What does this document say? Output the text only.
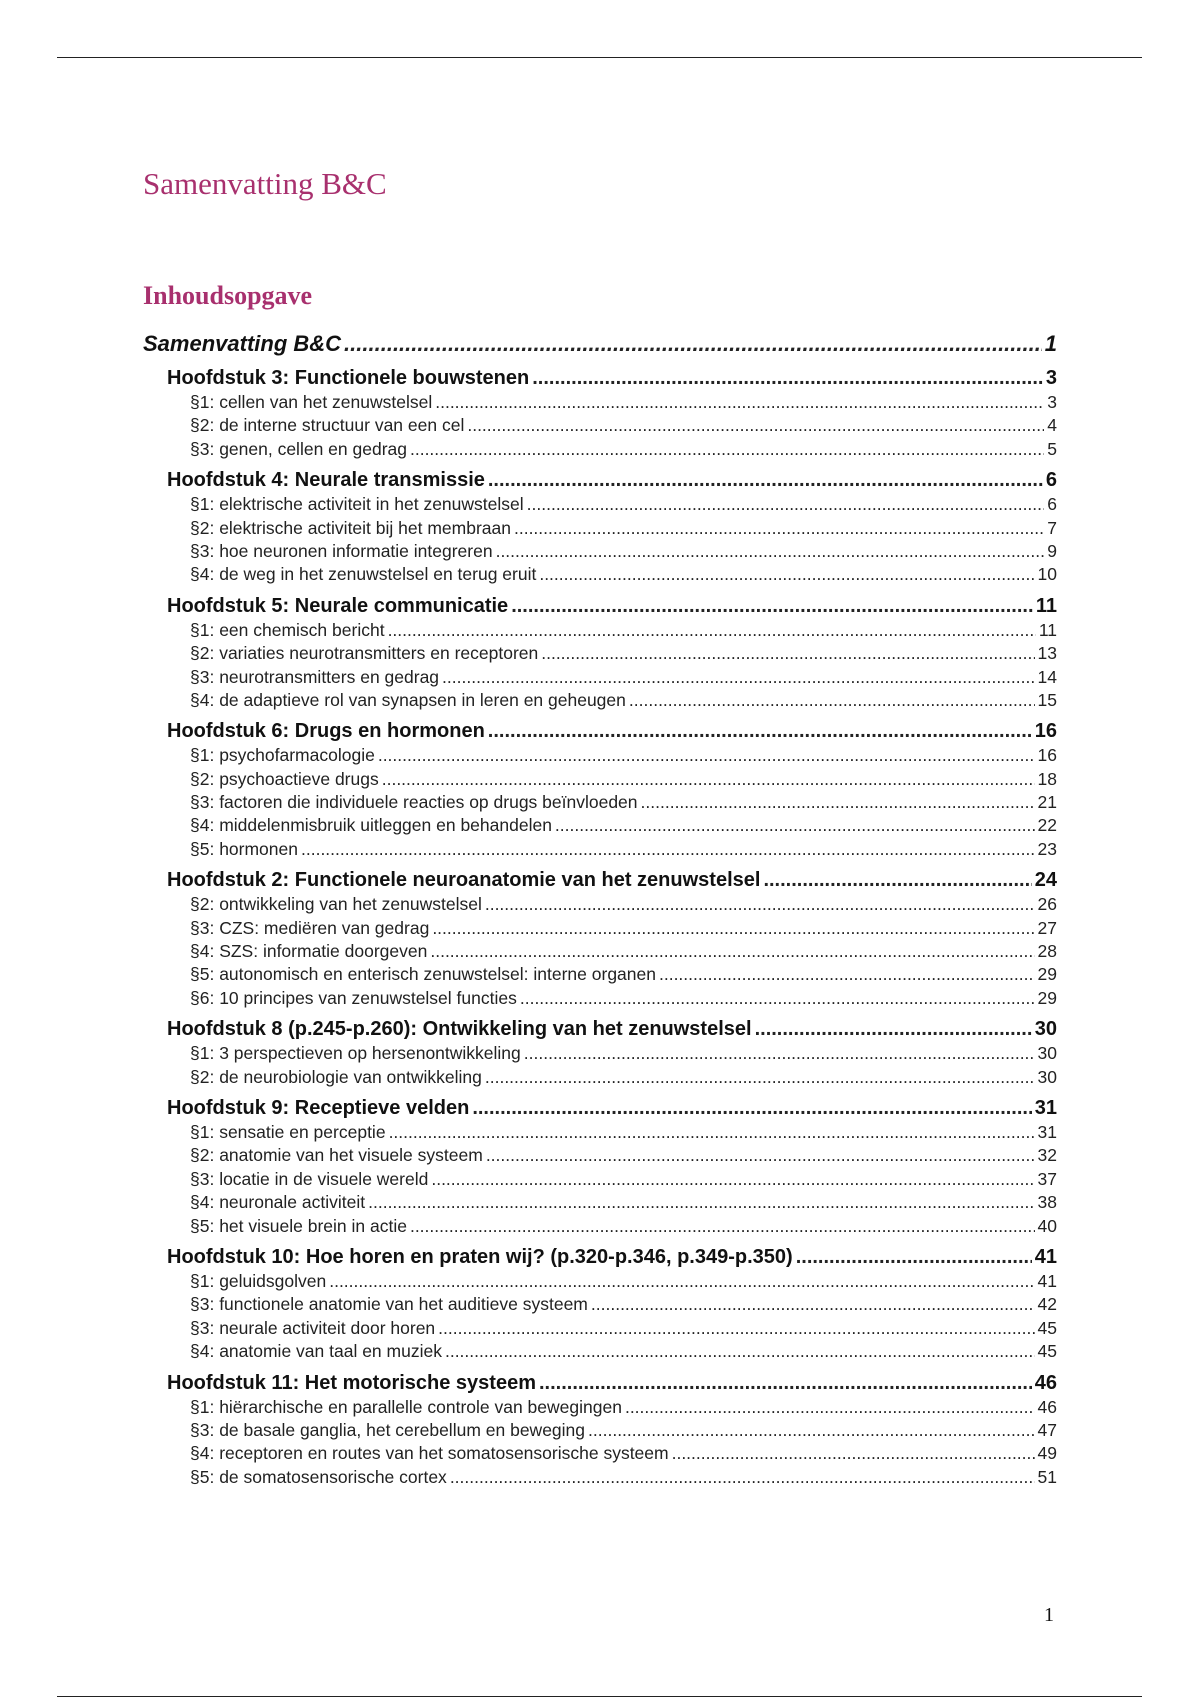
Samenvatting B&C
Inhoudsopgave
Samenvatting B&C .....	1
Hoofdstuk 3: Functionele bouwstenen .....	3
§1: cellen van het zenuwstelsel .....	3
§2: de interne structuur van een cel .....	4
§3: genen, cellen en gedrag .....	5
Hoofdstuk 4: Neurale transmissie .....	6
§1: elektrische activiteit in het zenuwstelsel .....	6
§2: elektrische activiteit bij het membraan .....	7
§3: hoe neuronen informatie integreren .....	9
§4: de weg in het zenuwstelsel en terug eruit .....	10
Hoofdstuk 5: Neurale communicatie .....	11
§1: een chemisch bericht .....	11
§2: variaties neurotransmitters en receptoren .....	13
§3: neurotransmitters en gedrag .....	14
§4: de adaptieve rol van synapsen in leren en geheugen .....	15
Hoofdstuk 6: Drugs en hormonen .....	16
§1: psychofarmacologie .....	16
§2: psychoactieve drugs .....	18
§3: factoren die individuele reacties op drugs beïnvloeden .....	21
§4: middelenmisbruik uitleggen en behandelen .....	22
§5: hormonen .....	23
Hoofdstuk 2: Functionele neuroanatomie van het zenuwstelsel .....	24
§2: ontwikkeling van het zenuwstelsel .....	26
§3: CZS: mediëren van gedrag .....	27
§4: SZS: informatie doorgeven .....	28
§5: autonomisch en enterisch zenuwstelsel: interne organen .....	29
§6: 10 principes van zenuwstelsel functies .....	29
Hoofdstuk 8 (p.245-p.260): Ontwikkeling van het zenuwstelsel .....	30
§1: 3 perspectieven op hersenontwikkeling .....	30
§2: de neurobiologie van ontwikkeling .....	30
Hoofdstuk 9: Receptieve velden .....	31
§1: sensatie en perceptie .....	31
§2: anatomie van het visuele systeem .....	32
§3: locatie in de visuele wereld .....	37
§4: neuronale activiteit .....	38
§5: het visuele brein in actie .....	40
Hoofdstuk 10: Hoe horen en praten wij? (p.320-p.346, p.349-p.350) .....	41
§1: geluidsgolven .....	41
§3: functionele anatomie van het auditieve systeem .....	42
§3: neurale activiteit door horen .....	45
§4: anatomie van taal en muziek .....	45
Hoofdstuk 11: Het motorische systeem .....	46
§1: hiërarchische en parallelle controle van bewegingen .....	46
§3: de basale ganglia, het cerebellum en beweging .....	47
§4: receptoren en routes van het somatosensorische systeem .....	49
§5: de somatosensorische cortex .....	51
1
